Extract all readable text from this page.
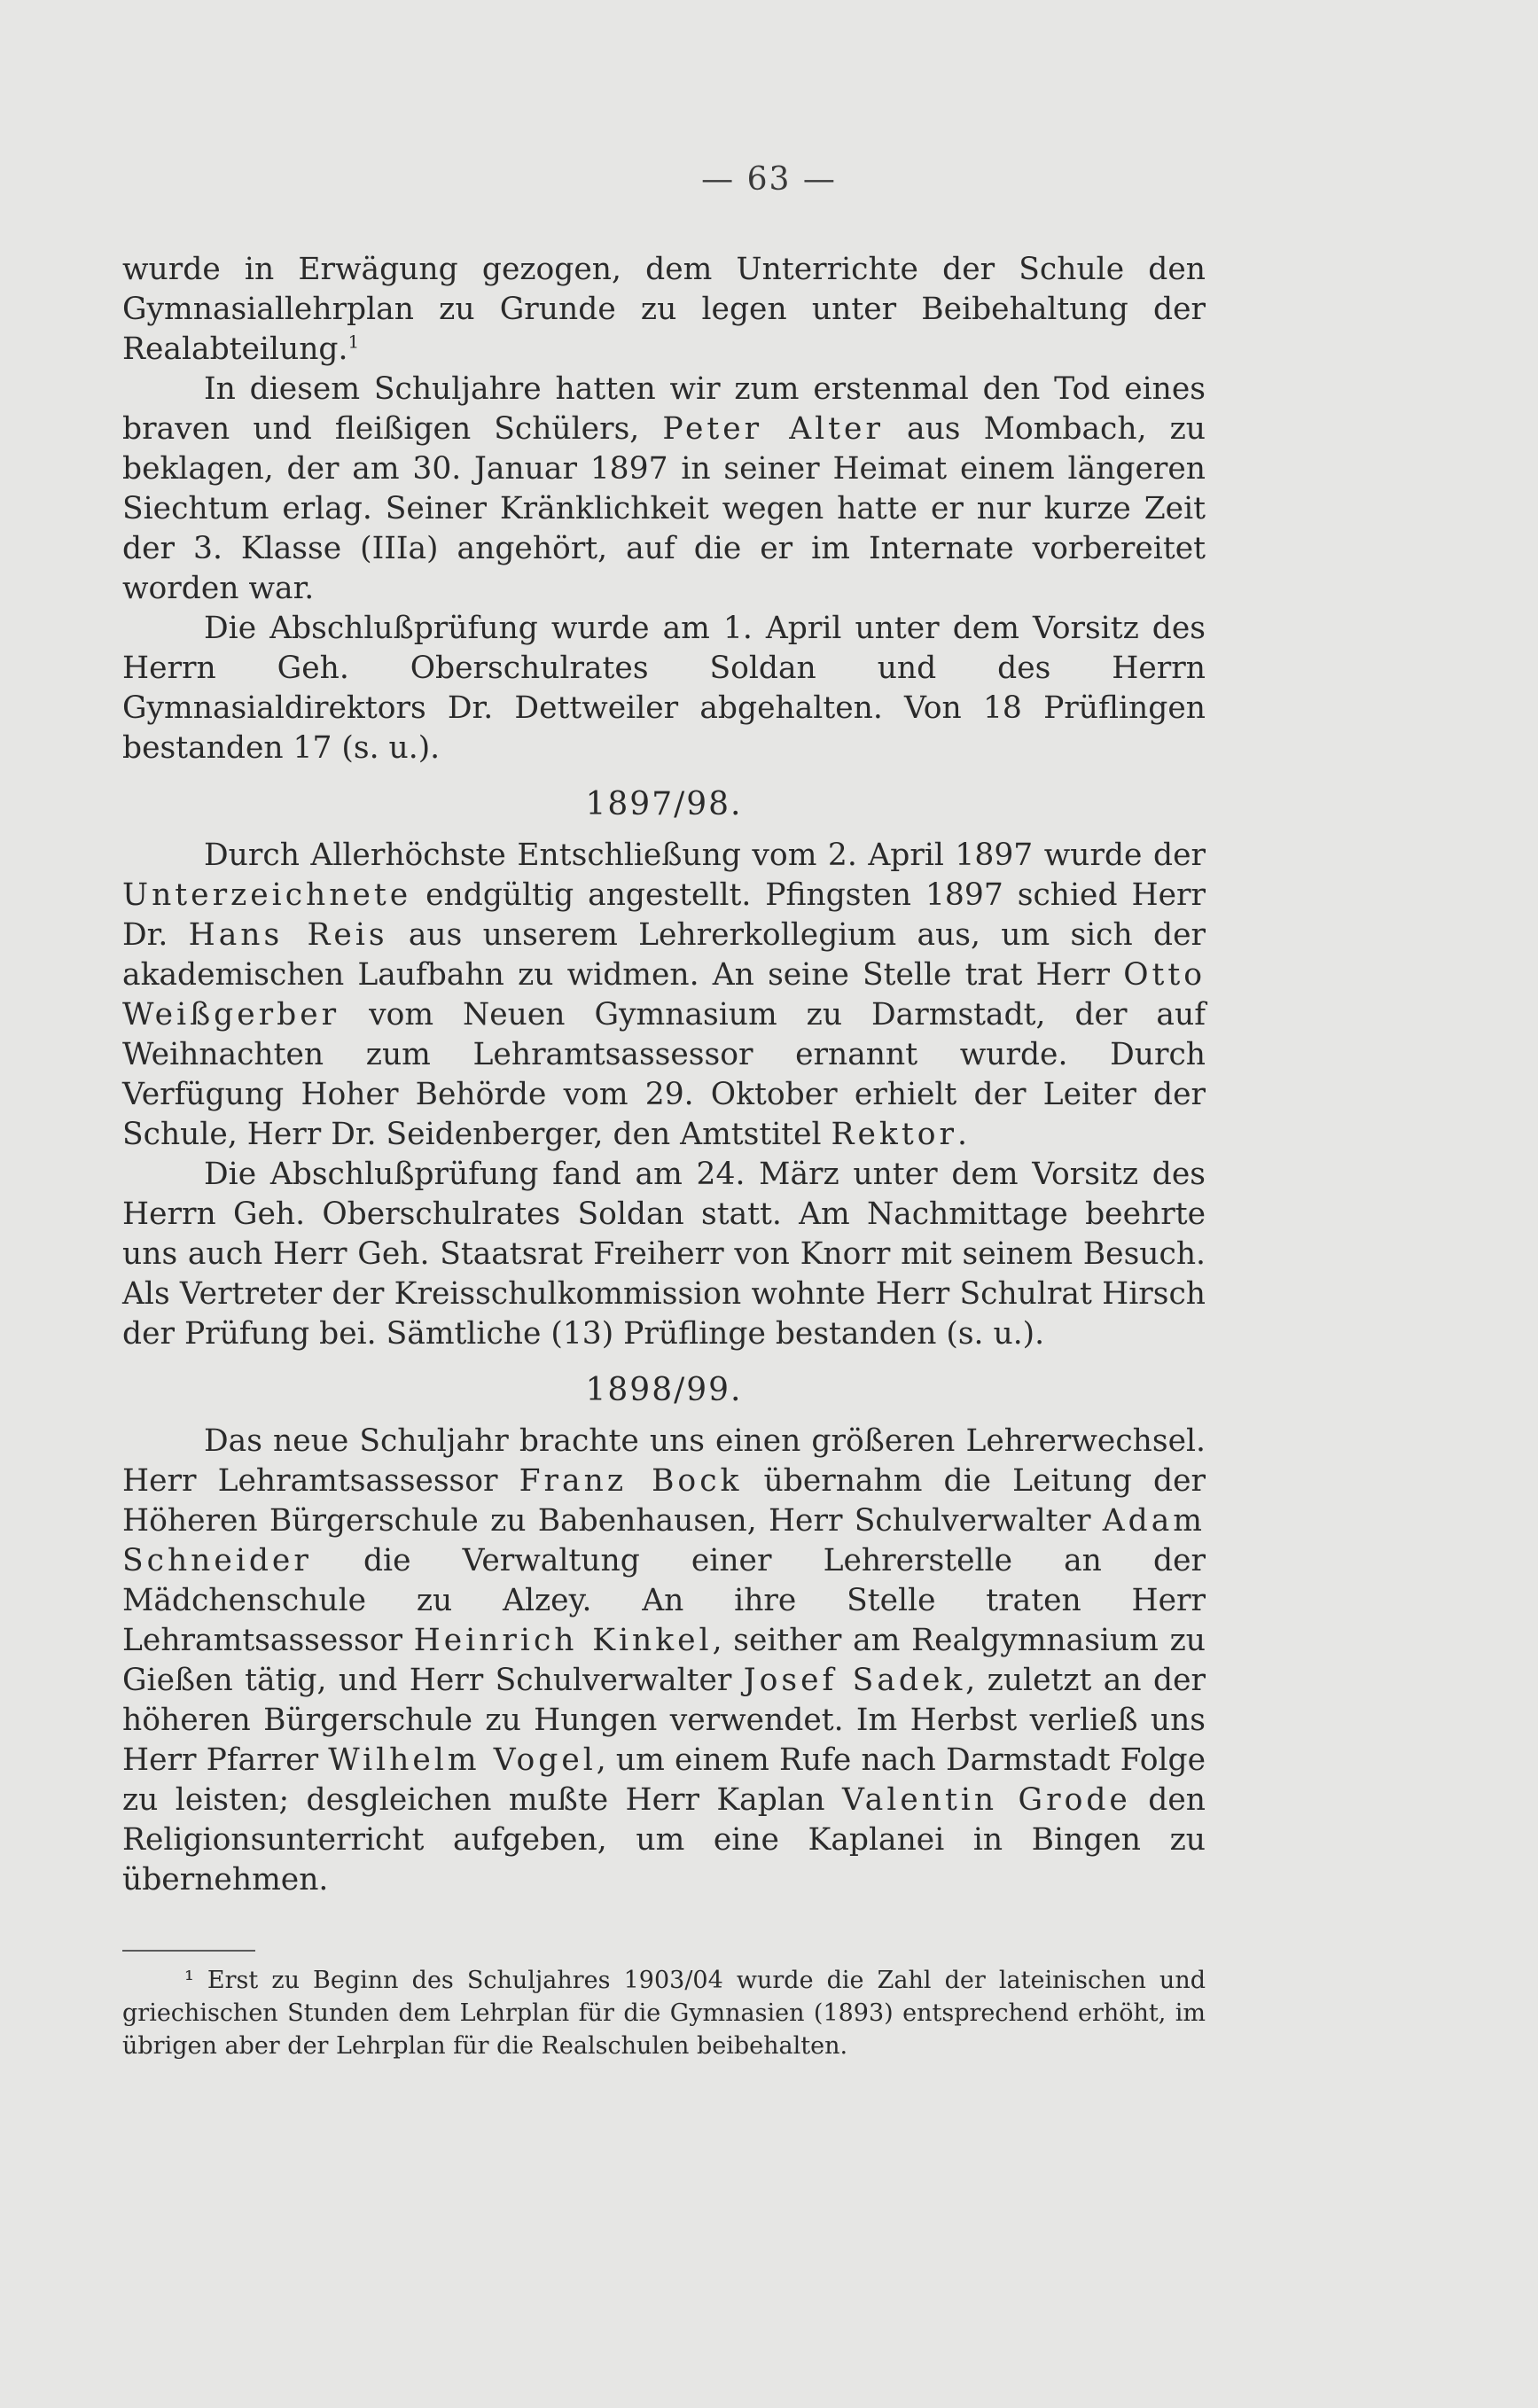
— 63 —

wurde in Erwägung gezogen, dem Unterrichte der Schule den Gymnasiallehrplan zu Grunde zu legen unter Beibehaltung der Realabteilung.$^1$

In diesem Schuljahre hatten wir zum erstenmal den Tod eines braven und fleißigen Schülers, Peter Alter aus Mombach, zu beklagen, der am 30. Januar 1897 in seiner Heimat einem längeren Siechtum erlag. Seiner Kränklichkeit wegen hatte er nur kurze Zeit der 3. Klasse (IIIa) angehört, auf die er im Internate vorbereitet worden war.

Die Abschlußprüfung wurde am 1. April unter dem Vorsitz des Herrn Geh. Oberschulrates Soldan und des Herrn Gymnasialdirektors Dr. Dettweiler abgehalten. Von 18 Prüflingen bestanden 17 (s. u.).

1897/98.

Durch Allerhöchste Entschließung vom 2. April 1897 wurde der Unterzeichnete endgültig angestellt. Pfingsten 1897 schied Herr Dr. Hans Reis aus unserem Lehrerkollegium aus, um sich der akademischen Laufbahn zu widmen. An seine Stelle trat Herr Otto Weißgerber vom Neuen Gymnasium zu Darmstadt, der auf Weihnachten zum Lehramtsassessor ernannt wurde. Durch Verfügung Hoher Behörde vom 29. Oktober erhielt der Leiter der Schule, Herr Dr. Seidenberger, den Amtstitel Rektor.

Die Abschlußprüfung fand am 24. März unter dem Vorsitz des Herrn Geh. Oberschulrates Soldan statt. Am Nachmittage beehrte uns auch Herr Geh. Staatsrat Freiherr von Knorr mit seinem Besuch. Als Vertreter der Kreisschulkommission wohnte Herr Schulrat Hirsch der Prüfung bei. Sämtliche (13) Prüflinge bestanden (s. u.).

1898/99.

Das neue Schuljahr brachte uns einen größeren Lehrerwechsel. Herr Lehramtsassessor Franz Bock übernahm die Leitung der Höheren Bürgerschule zu Babenhausen, Herr Schulverwalter Adam Schneider die Verwaltung einer Lehrerstelle an der Mädchenschule zu Alzey. An ihre Stelle traten Herr Lehramtsassessor Heinrich Kinkel, seither am Realgymnasium zu Gießen tätig, und Herr Schulverwalter Josef Sadek, zuletzt an der höheren Bürgerschule zu Hungen verwendet. Im Herbst verließ uns Herr Pfarrer Wilhelm Vogel, um einem Rufe nach Darmstadt Folge zu leisten; desgleichen mußte Herr Kaplan Valentin Grode den Religionsunterricht aufgeben, um eine Kaplanei in Bingen zu übernehmen.

¹ Erst zu Beginn des Schuljahres 1903/04 wurde die Zahl der lateinischen und griechischen Stunden dem Lehrplan für die Gymnasien (1893) entsprechend erhöht, im übrigen aber der Lehrplan für die Realschulen beibehalten.
